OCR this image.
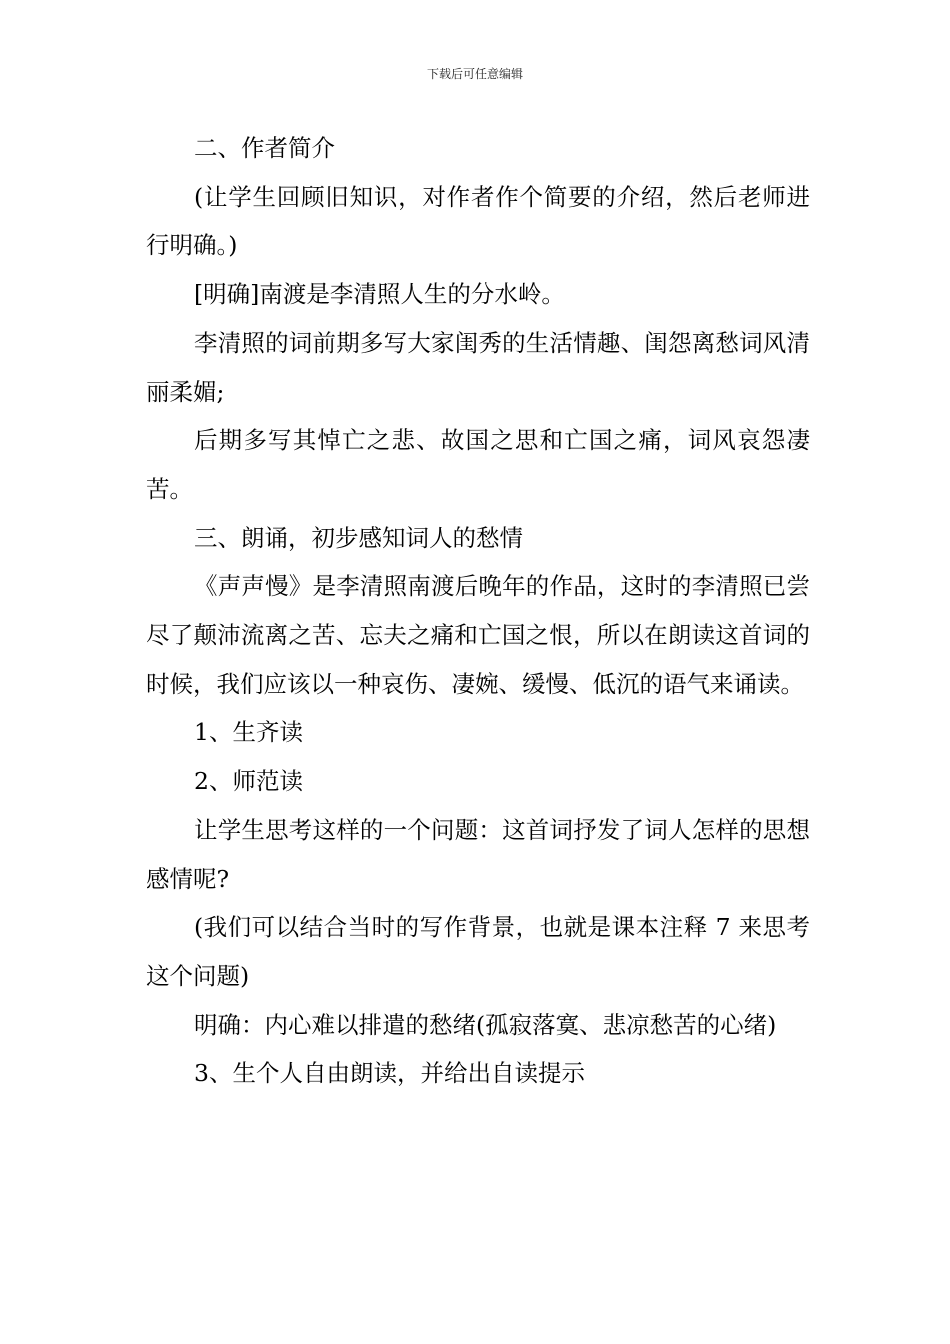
下载后可任意编辑

二、作者简介

(让学生回顾旧知识，对作者作个简要的介绍，然后老师进行明确。)

[明确]南渡是李清照人生的分水岭。

李清照的词前期多写大家闺秀的生活情趣、闺怨离愁词风清丽柔媚;

后期多写其悼亡之悲、故国之思和亡国之痛，词风哀怨凄苦。

三、朗诵，初步感知词人的愁情

《声声慢》是李清照南渡后晚年的作品，这时的李清照已尝尽了颠沛流离之苦、忘夫之痛和亡国之恨，所以在朗读这首词的时候，我们应该以一种哀伤、凄婉、缓慢、低沉的语气来诵读。

1、生齐读

2、师范读

让学生思考这样的一个问题：这首词抒发了词人怎样的思想感情呢?

(我们可以结合当时的写作背景，也就是课本注释 7 来思考这个问题)

明确：内心难以排遣的愁绪(孤寂落寞、悲凉愁苦的心绪)

3、生个人自由朗读，并给出自读提示
